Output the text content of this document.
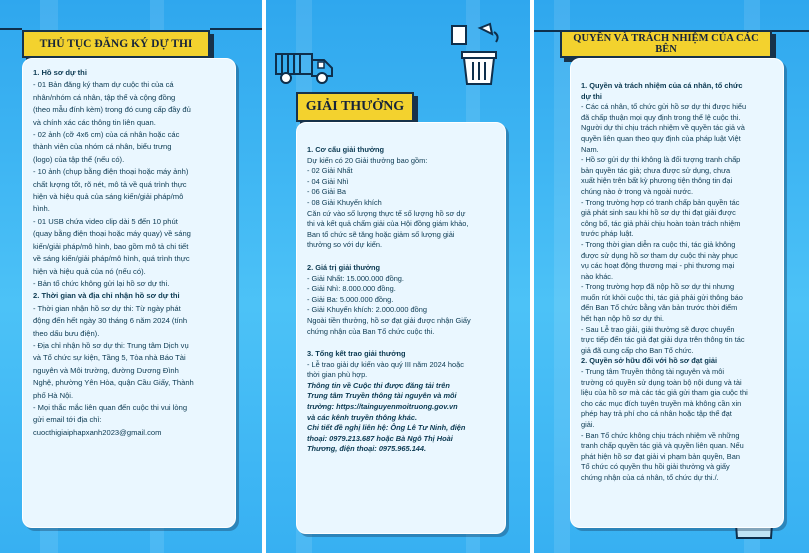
THỦ TỤC ĐĂNG KÝ DỰ THI

1. Hồ sơ dự thi

- 01 Bản đăng ký tham dự cuộc thi của cá

nhân/nhóm cá nhân, tập thể và cộng đồng

(theo mẫu đính kèm) trong đó cung cấp đầy đủ

và chính xác các thông tin liên quan.

- 02 ảnh (cỡ 4x6 cm) của cá nhân hoặc các

thành viên của nhóm cá nhân, biểu trưng

(logo) của tập thể (nếu có).

- 10 ảnh (chụp bằng điện thoại hoặc máy ảnh)

chất lượng tốt, rõ nét, mô tả về quá trình thực

hiện và hiệu quả của sáng kiến/giải pháp/mô

hình.

- 01 USB chứa video clip dài 5 đến 10 phút

(quay bằng điện thoại hoặc máy quay) về sáng

kiến/giải pháp/mô hình, bao gồm mô tả chi tiết

về sáng kiến/giải pháp/mô hình, quá trình thực

hiện và hiệu quả của nó (nếu có).

- Bản tổ chức không gửi lại hồ sơ dự thi.

2. Thời gian và địa chỉ nhận hồ sơ dự thi

- Thời gian nhận hồ sơ dự thi: Từ ngày phát

động đến hết ngày 30 tháng 6 năm 2024 (tính

theo dấu bưu điện).

- Địa chỉ nhận hồ sơ dự thi: Trung tâm Dịch vụ

và Tổ chức sự kiện, Tầng 5, Tòa nhà Báo Tài

nguyên và Môi trường, đường Dương Đình

Nghệ, phường Yên Hòa, quận Cầu Giấy, Thành

phố Hà Nội.

- Mọi thắc mắc liên quan đến cuộc thi vui lòng

gửi email tới địa chỉ:

cuocthigiaiphapxanh2023@gmail.com

GIẢI THƯỞNG

1. Cơ cấu giải thưởng

Dự kiến có 20 Giải thưởng bao gồm:

- 02 Giải Nhất

- 04 Giải Nhì

- 06 Giải Ba

- 08 Giải Khuyến khích

Căn cứ vào số lượng thực tế số lượng hồ sơ dự

thi và kết quả chấm giải của Hội đồng giám khảo,

Ban tổ chức sẽ tăng hoặc giảm số lượng giải

thưởng so với dự kiến.

2. Giá trị giải thưởng

- Giải Nhất: 15.000.000 đồng.

- Giải Nhì: 8.000.000 đồng.

- Giải Ba: 5.000.000 đồng.

- Giải Khuyến khích: 2.000.000 đồng

Ngoài tiền thưởng, hồ sơ đạt giải được nhận Giấy

chứng nhận của Ban Tổ chức cuộc thi.

3. Tổng kết trao giải thưởng

- Lễ trao giải dự kiến vào quý III năm 2024 hoặc

thời gian phù hợp.

Thông tin về Cuộc thi được đăng tải trên

Trung tâm Truyền thông tài nguyên và môi

trường: https://tainguyenmoitruong.gov.vn

và các kênh truyền thông khác.

Chi tiết đề nghị liên hệ: Ông Lê Tư Ninh, điện

thoại: 0979.213.687 hoặc Bà Ngô Thị Hoài

Thương, điện thoại: 0975.965.144.

QUYỀN VÀ TRÁCH NHIỆM CỦA CÁC BÊN

1. Quyền và trách nhiệm của cá nhân, tổ chức

dự thi

- Các cá nhân, tổ chức gửi hồ sơ dự thi được hiểu

đã chấp thuận mọi quy định trong thể lệ cuộc thi.

Người dự thi chịu trách nhiệm về quyền tác giả và

quyền liên quan theo quy định của pháp luật Việt

Nam.

- Hồ sơ gửi dự thi không là đối tượng tranh chấp

bản quyền tác giả; chưa được sử dụng, chưa

xuất hiện trên bất kỳ phương tiện thông tin đại

chúng nào ở trong và ngoài nước.

- Trong trường hợp có tranh chấp bản quyền tác

giả phát sinh sau khi hồ sơ dự thi đạt giải được

công bố, tác giả phải chịu hoàn toàn trách nhiệm

trước pháp luật.

- Trong thời gian diễn ra cuộc thi, tác giả không

được sử dụng hồ sơ tham dự cuộc thi này phục

vụ các hoạt động thương mại - phi thương mại

nào khác.

- Trong trường hợp đã nộp hồ sơ dự thi nhưng

muốn rút khỏi cuộc thi, tác giả phải gửi thông báo

đến Ban Tổ chức bằng văn bản trước thời điểm

hết hạn nộp hồ sơ dự thi.

- Sau Lễ trao giải, giải thưởng sẽ được chuyển

trực tiếp đến tác giả đạt giải dựa trên thông tin tác

giả đã cung cấp cho Ban Tổ chức.

2. Quyền sở hữu đối với hồ sơ đạt giải

- Trung tâm Truyền thông tài nguyên và môi

trường có quyền sử dụng toàn bộ nội dung và tài

liệu của hồ sơ mà các tác giả gửi tham gia cuộc thi

cho các mục đích tuyên truyền mà không cần xin

phép hay trả phí cho cá nhân hoặc tập thể đạt

giải.

- Ban Tổ chức không chịu trách nhiệm về những

tranh chấp quyền tác giả và quyền liên quan. Nếu

phát hiện hồ sơ đạt giải vi phạm bản quyền, Ban

Tổ chức có quyền thu hồi giải thưởng và giấy

chứng nhận của cá nhân, tổ chức dự thi./.
